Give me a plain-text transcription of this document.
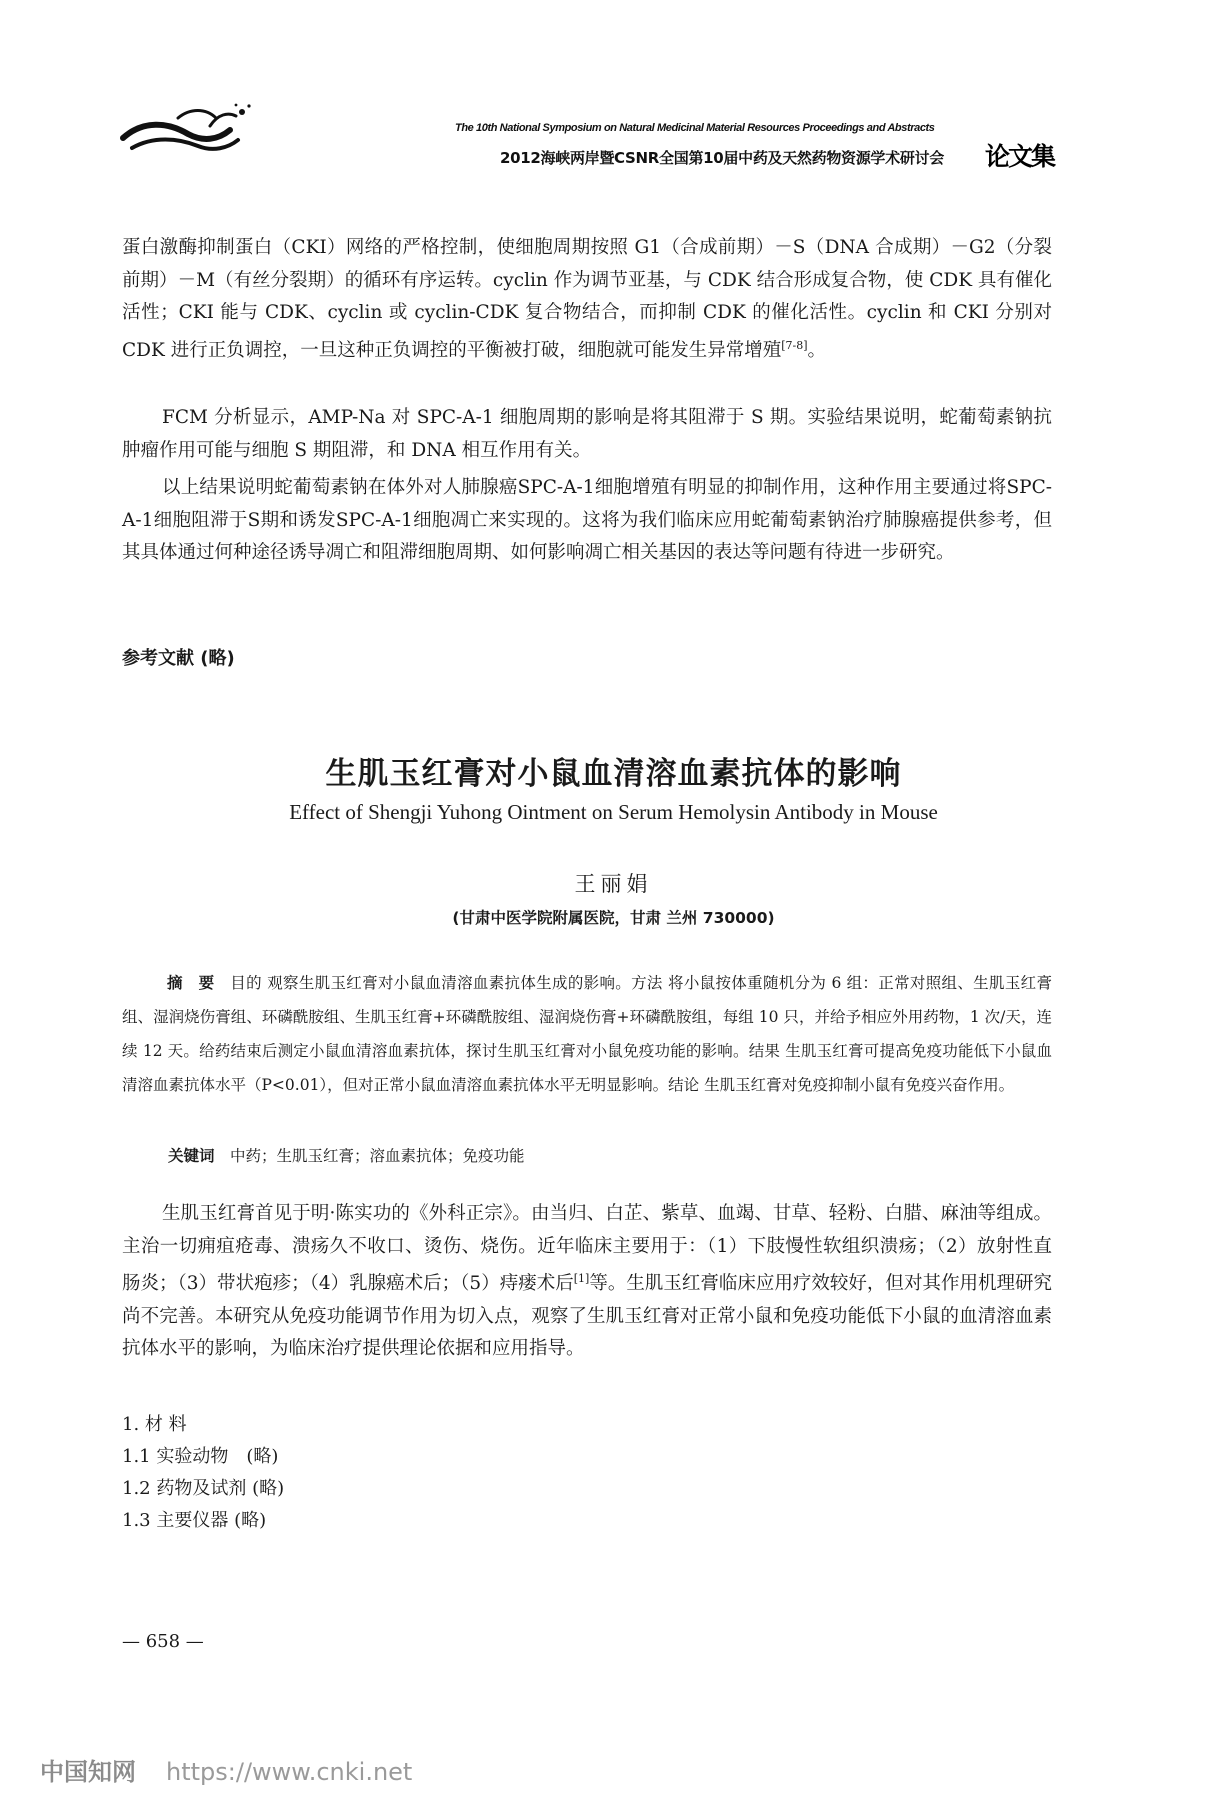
The 10th National Symposium on Natural Medicinal Material Resources Proceedings and Abstracts
2012海峡两岸暨CSNR全国第10届中药及天然药物资源学术研讨会	论文集

蛋白激酶抑制蛋白（CKI）网络的严格控制，使细胞周期按照 G1（合成前期）－S（DNA 合成期）－G2（分裂前期）－M（有丝分裂期）的循环有序运转。cyclin 作为调节亚基，与 CDK 结合形成复合物，使 CDK 具有催化活性；CKI 能与 CDK、cyclin 或 cyclin-CDK 复合物结合，而抑制 CDK 的催化活性。cyclin 和 CKI 分别对 CDK 进行正负调控，一旦这种正负调控的平衡被打破，细胞就可能发生异常增殖[7-8]。

FCM 分析显示，AMP-Na 对 SPC-A-1 细胞周期的影响是将其阻滞于 S 期。实验结果说明，蛇葡萄素钠抗肿瘤作用可能与细胞 S 期阻滞，和 DNA 相互作用有关。

以上结果说明蛇葡萄素钠在体外对人肺腺癌SPC-A-1细胞增殖有明显的抑制作用，这种作用主要通过将SPC-A-1细胞阻滞于S期和诱发SPC-A-1细胞凋亡来实现的。这将为我们临床应用蛇葡萄素钠治疗肺腺癌提供参考，但其具体通过何种途径诱导凋亡和阻滞细胞周期、如何影响凋亡相关基因的表达等问题有待进一步研究。

参考文献 (略)
生肌玉红膏对小鼠血清溶血素抗体的影响
Effect of Shengji Yuhong Ointment on Serum Hemolysin Antibody in Mouse
王丽娟
(甘肃中医学院附属医院，甘肃 兰州 730000)

摘　要　 目的 观察生肌玉红膏对小鼠血清溶血素抗体生成的影响。方法 将小鼠按体重随机分为 6 组：正常对照组、生肌玉红膏组、湿润烧伤膏组、环磷酰胺组、生肌玉红膏+环磷酰胺组、湿润烧伤膏+环磷酰胺组，每组 10 只，并给予相应外用药物，1 次/天，连续 12 天。给药结束后测定小鼠血清溶血素抗体，探讨生肌玉红膏对小鼠免疫功能的影响。结果 生肌玉红膏可提高免疫功能低下小鼠血清溶血素抗体水平（P<0.01），但对正常小鼠血清溶血素抗体水平无明显影响。结论 生肌玉红膏对免疫抑制小鼠有免疫兴奋作用。

关键词　 中药；生肌玉红膏；溶血素抗体；免疫功能

生肌玉红膏首见于明·陈实功的《外科正宗》。由当归、白芷、紫草、血竭、甘草、轻粉、白腊、麻油等组成。主治一切痈疽疮毒、溃疡久不收口、烫伤、烧伤。近年临床主要用于：（1）下肢慢性软组织溃疡；（2）放射性直肠炎；（3）带状疱疹；（4）乳腺癌术后；（5）痔瘘术后[1]等。生肌玉红膏临床应用疗效较好，但对其作用机理研究尚不完善。本研究从免疫功能调节作用为切入点，观察了生肌玉红膏对正常小鼠和免疫功能低下小鼠的血清溶血素抗体水平的影响，为临床治疗提供理论依据和应用指导。

1. 材 料
1.1 实验动物　(略)
1.2 药物及试剂 (略)
1.3 主要仪器 (略)
— 658 —
中国知网 https://www.cnki.net
